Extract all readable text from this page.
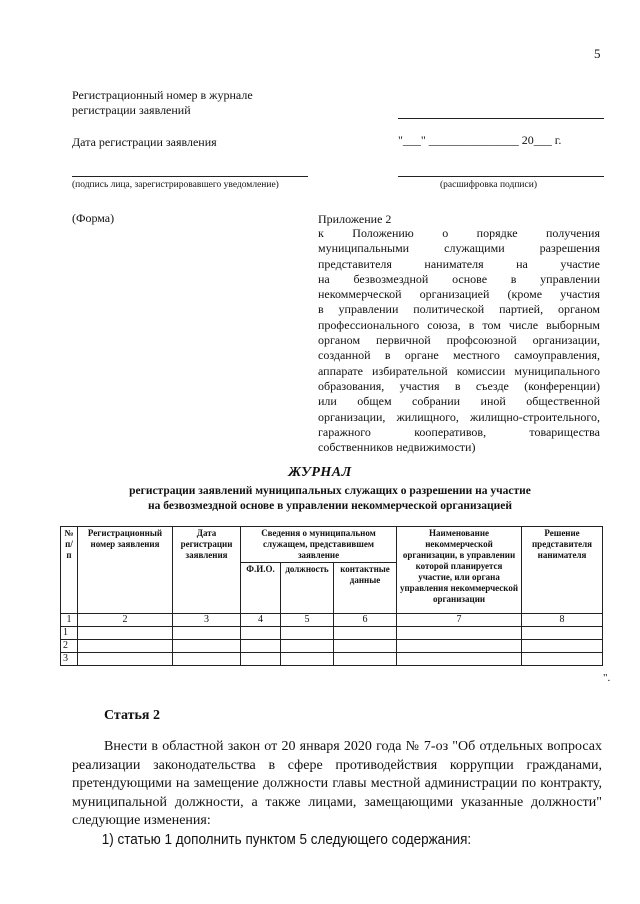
5
Регистрационный номер в журнале
регистрации заявлений
Дата регистрации заявления	"___" _______________ 20___ г.
(подпись лица, зарегистрировавшего уведомление)	(расшифровка подписи)
(Форма)	Приложение 2
к Положению о порядке получения
муниципальными служащими разрешения
представителя нанимателя на участие
на безвозмездной основе в управлении
некоммерческой организацией (кроме участия
в управлении политической партией, органом
профессионального союза, в том числе выборным
органом первичной профсоюзной организации,
созданной в органе местного самоуправления,
аппарате избирательной комиссии муниципального
образования, участия в съезде (конференции)
или общем собрании иной общественной
организации, жилищного, жилищно-строительного,
гаражного кооперативов, товарищества
собственников недвижимости)
ЖУРНАЛ
регистрации заявлений муниципальных служащих о разрешении на участие
на безвозмездной основе в управлении некоммерческой организацией
№ п/п	Регистрационный номер заявления	Дата регистрации заявления	Сведения о муниципальном служащем, представившем заявление			Наименование некоммерческой организации, в управлении которой планируется участие, или органа управления некоммерческой организации	Решение представителя нанимателя
			Ф.И.О.	должность	контактные данные		
1	2	3	4	5	6	7	8
1							
2							
3							
".
Статья 2

Внести в областной закон от 20 января 2020 года № 7-оз "Об отдельных вопросах реализации законодательства в сфере противодействия коррупции гражданами, претендующими на замещение должности главы местной администрации по контракту, муниципальной должности, а также лицами, замещающими указанные должности" следующие изменения:

1) статью 1 дополнить пунктом 5 следующего содержания:
